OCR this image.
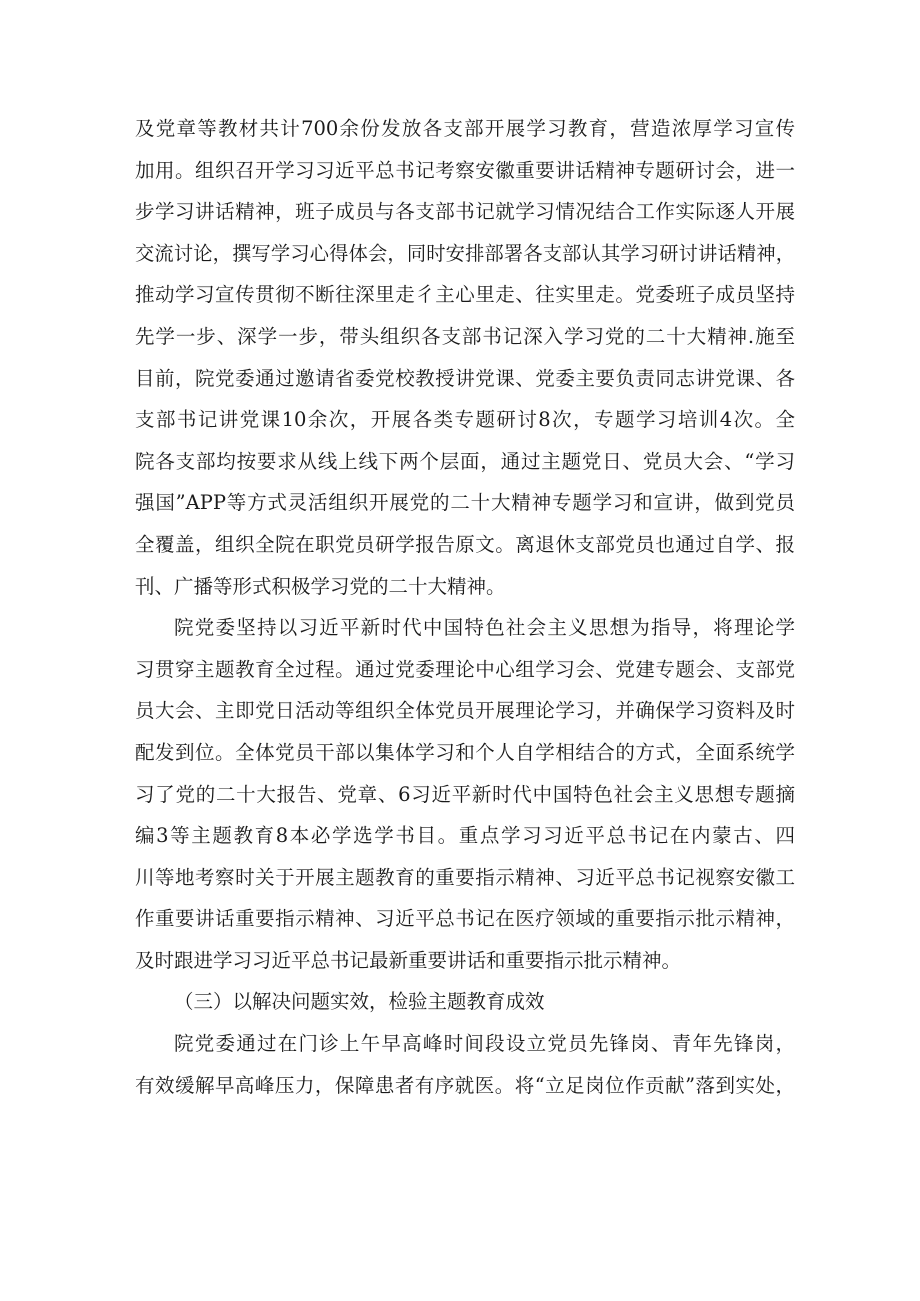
及党章等教材共计700余份发放各支部开展学习教育，营造浓厚学习宣传
加用。组织召开学习习近平总书记考察安徽重要讲话精神专题研讨会，进一
步学习讲话精神，班子成员与各支部书记就学习情况结合工作实际逐人开展
交流讨论，撰写学习心得体会，同时安排部署各支部认其学习研讨讲话精神，
推动学习宣传贯彻不断往深里走彳主心里走、往实里走。党委班子成员坚持
先学一步、深学一步，带头组织各支部书记深入学习党的二十大精神.施至
目前，院党委通过邀请省委党校教授讲党课、党委主要负责同志讲党课、各
支部书记讲党课10余次，开展各类专题研讨8次，专题学习培训4次。全
院各支部均按要求从线上线下两个层面，通过主题党日、党员大会、“学习
强国”APP等方式灵活组织开展党的二十大精神专题学习和宣讲，做到党员
全覆盖，组织全院在职党员研学报告原文。离退休支部党员也通过自学、报
刊、广播等形式积极学习党的二十大精神。
院党委坚持以习近平新时代中国特色社会主义思想为指导，将理论学
习贯穿主题教育全过程。通过党委理论中心组学习会、党建专题会、支部党
员大会、主即党日活动等组织全体党员开展理论学习，并确保学习资料及时
配发到位。全体党员干部以集体学习和个人自学相结合的方式，全面系统学
习了党的二十大报告、党章、6习近平新时代中国特色社会主义思想专题摘
编3等主题教育8本必学选学书目。重点学习习近平总书记在内蒙古、四
川等地考察时关于开展主题教育的重要指示精神、习近平总书记视察安徽工
作重要讲话重要指示精神、习近平总书记在医疗领域的重要指示批示精神，
及时跟进学习习近平总书记最新重要讲话和重要指示批示精神。
（三）以解决问题实效，检验主题教育成效
院党委通过在门诊上午早高峰时间段设立党员先锋岗、青年先锋岗，
有效缓解早高峰压力，保障患者有序就医。将“立足岗位作贡献”落到实处，
